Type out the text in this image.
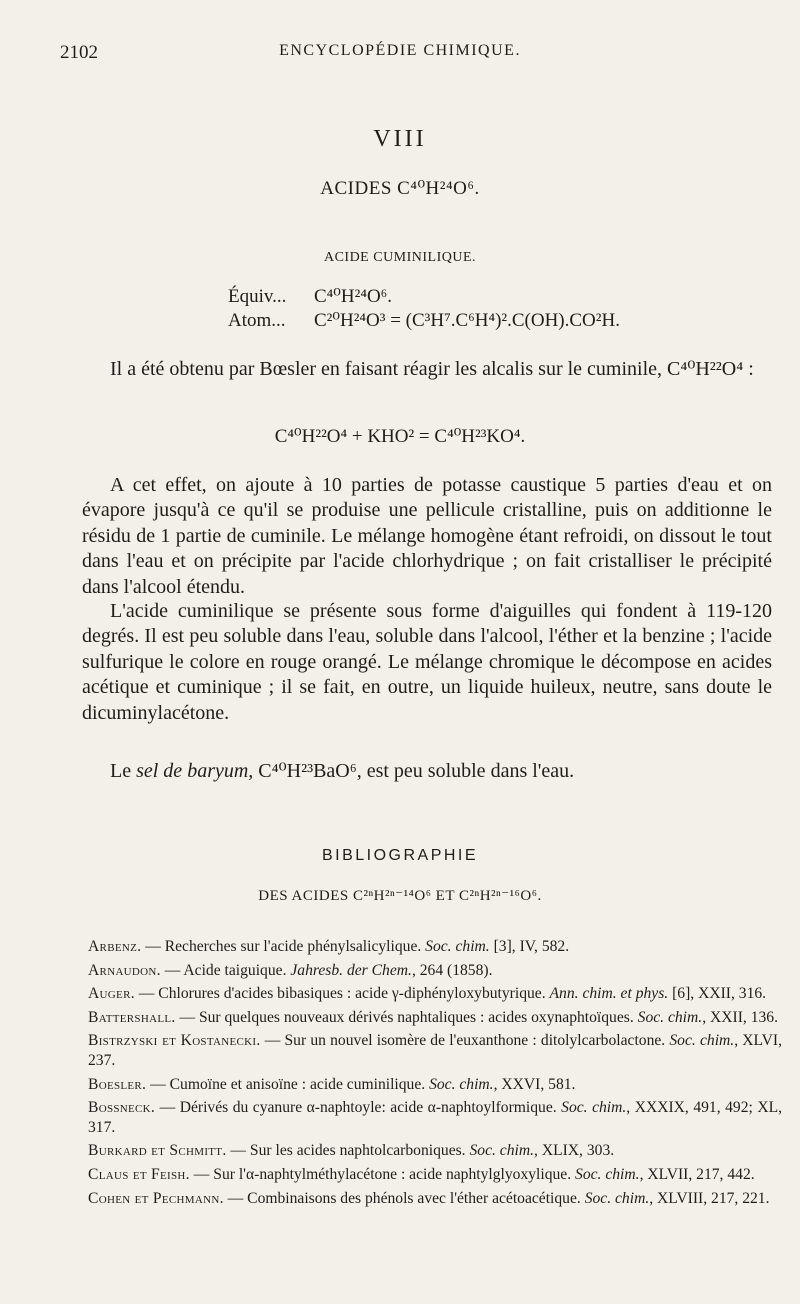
2102	ENCYCLOPÉDIE CHIMIQUE.
VIII
ACIDES C⁴⁰H²⁴O⁶.
ACIDE CUMINILIQUE.
Équiv... C⁴⁰H²⁴O⁶.
Atom... C²⁰H²⁴O³ = (C³H⁷.C⁶H⁴)².C(OH).CO²H.
Il a été obtenu par Bœsler en faisant réagir les alcalis sur le cuminile, C⁴⁰H²²O⁴ :
C⁴⁰H²²O⁴ + KHO² = C⁴⁰H²³KO⁴.
A cet effet, on ajoute à 10 parties de potasse caustique 5 parties d'eau et on évapore jusqu'à ce qu'il se produise une pellicule cristalline, puis on additionne le résidu de 1 partie de cuminile. Le mélange homogène étant refroidi, on dissout le tout dans l'eau et on précipite par l'acide chlorhydrique ; on fait cristalliser le précipité dans l'alcool étendu.
L'acide cuminilique se présente sous forme d'aiguilles qui fondent à 119-120 degrés. Il est peu soluble dans l'eau, soluble dans l'alcool, l'éther et la benzine ; l'acide sulfurique le colore en rouge orangé. Le mélange chromique le décompose en acides acétique et cuminique ; il se fait, en outre, un liquide huileux, neutre, sans doute le dicuminylacétone.
Le sel de baryum, C⁴⁰H²³BaO⁶, est peu soluble dans l'eau.
BIBLIOGRAPHIE
DES ACIDES C²ⁿH²ⁿ⁻¹⁴O⁶ ET C²ⁿH²ⁿ⁻¹⁶O⁶.
Arbenz. — Recherches sur l'acide phénylsalicylique. Soc. chim. [3], IV, 582.
Arnaudon. — Acide taiguique. Jahresb. der Chem., 264 (1858).
Auger. — Chlorures d'acides bibasiques : acide γ-diphényloxybutyrique. Ann. chim. et phys. [6], XXII, 316.
Battershall. — Sur quelques nouveaux dérivés naphtaliques : acides oxynaphtoïques. Soc. chim., XXII, 136.
Bistrzyski et Kostanecki. — Sur un nouvel isomère de l'euxanthone : ditolylcarbolactone. Soc. chim., XLVI, 237.
Boesler. — Cumoïne et anisoïne : acide cuminilique. Soc. chim., XXVI, 581.
Bossneck. — Dérivés du cyanure α-naphtoyle: acide α-naphtoylformique. Soc. chim., XXXIX, 491, 492; XL, 317.
Burkard et Schmitt. — Sur les acides naphtolcarboniques. Soc. chim., XLIX, 303.
Claus et Feish. — Sur l'α-naphtylméthylacétone : acide naphtylglyoxylique. Soc. chim., XLVII, 217, 442.
Cohen et Pechmann. — Combinaisons des phénols avec l'éther acétoacétique. Soc. chim., XLVIII, 217, 221.
